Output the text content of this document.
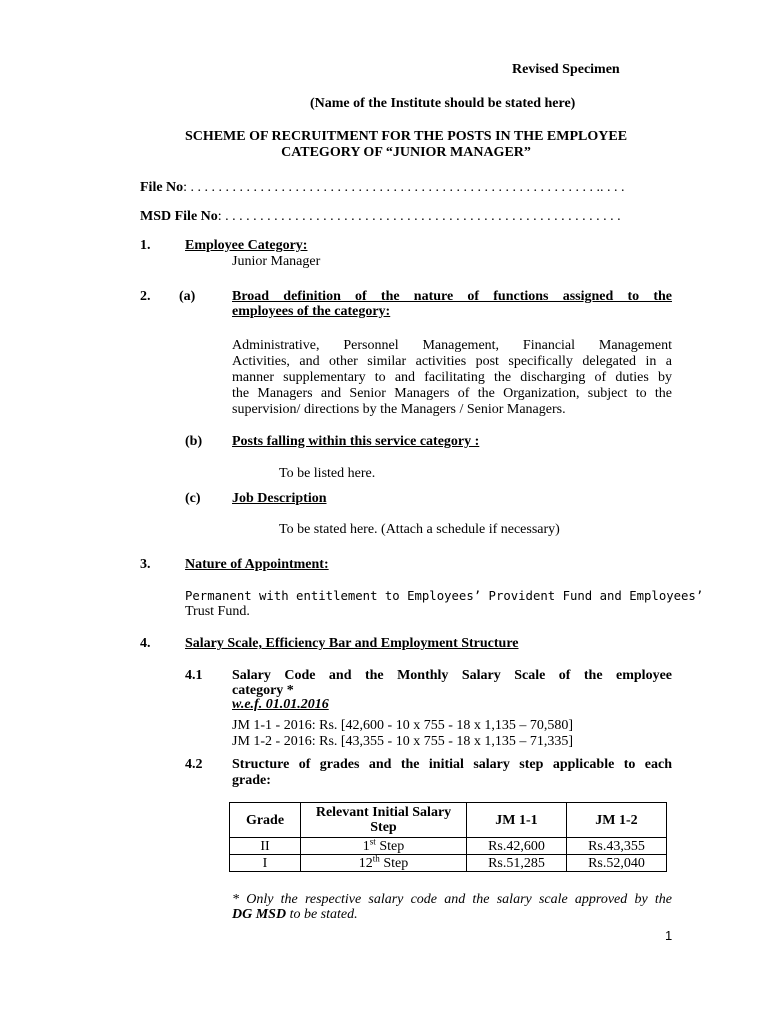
Revised Specimen
(Name of the Institute should be stated here)
SCHEME OF RECRUITMENT FOR THE POSTS IN THE EMPLOYEE
CATEGORY OF “JUNIOR MANAGER”
File No: . . . . . . . . . . . . . . . . . . . . . . . . . . . . . . . . . . . . . . . . . . . . . . . . . . . . . . . . . . .. . . .
MSD File No: . . . . . . . . . . . . . . . . . . . . . . . . . . . . . . . . . . . . . . . . . . . . . . . . . . . . . . . . .
1. Employee Category:
Junior Manager
2. (a)	Broad definition of the nature of functions assigned to the
employees of the category:
Administrative, Personnel Management, Financial Management
Activities, and other similar activities post specifically delegated in a
manner supplementary to and facilitating the discharging of duties by
the Managers and Senior Managers of the Organization, subject to the
supervision/ directions by the Managers / Senior Managers.
(b) Posts falling within this service category :
To be listed here.
(c) Job Description
To be stated here. (Attach a schedule if necessary)
3. Nature of Appointment:
Permanent with entitlement to Employees’ Provident Fund and Employees’
Trust Fund.
4. Salary Scale, Efficiency Bar and Employment Structure
4.1 Salary Code and the Monthly Salary Scale of the employee
category *
w.e.f. 01.01.2016
JM 1-1 - 2016: Rs. [42,600 - 10 x 755 - 18 x 1,135 – 70,580]
JM 1-2 - 2016: Rs. [43,355 - 10 x 755 - 18 x 1,135 – 71,335]
4.2 Structure of grades and the initial salary step applicable to each
grade:
Grade	Relevant Initial Salary Step	JM 1-1	JM 1-2
II	1st Step	Rs.42,600	Rs.43,355
I	12th Step	Rs.51,285	Rs.52,040
* Only the respective salary code and the salary scale approved by the
DG MSD to be stated.
1
